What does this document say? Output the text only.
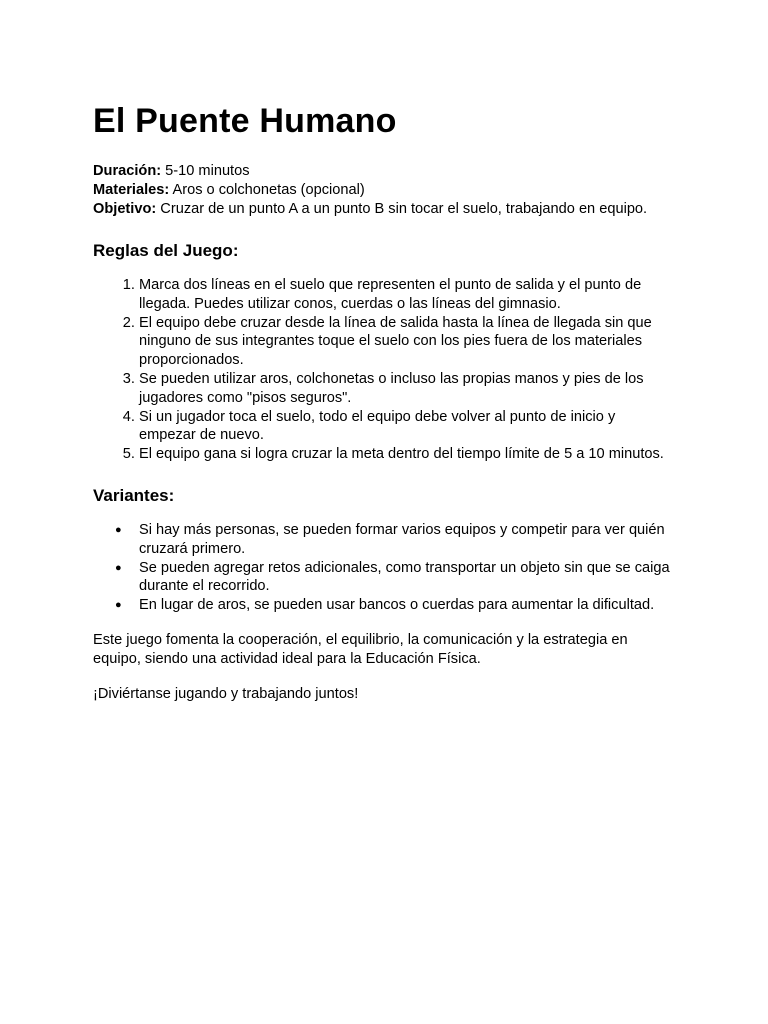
El Puente Humano

Duración: 5-10 minutos

Materiales: Aros o colchonetas (opcional)

Objetivo: Cruzar de un punto A a un punto B sin tocar el suelo, trabajando en equipo.

Reglas del Juego:
1. Marca dos líneas en el suelo que representen el punto de salida y el punto de llegada. Puedes utilizar conos, cuerdas o las líneas del gimnasio.
2. El equipo debe cruzar desde la línea de salida hasta la línea de llegada sin que ninguno de sus integrantes toque el suelo con los pies fuera de los materiales proporcionados.
3. Se pueden utilizar aros, colchonetas o incluso las propias manos y pies de los jugadores como "pisos seguros".
4. Si un jugador toca el suelo, todo el equipo debe volver al punto de inicio y empezar de nuevo.
5. El equipo gana si logra cruzar la meta dentro del tiempo límite de 5 a 10 minutos.
Variantes:
● Si hay más personas, se pueden formar varios equipos y competir para ver quién cruzará primero.
● Se pueden agregar retos adicionales, como transportar un objeto sin que se caiga durante el recorrido.
● En lugar de aros, se pueden usar bancos o cuerdas para aumentar la dificultad.

Este juego fomenta la cooperación, el equilibrio, la comunicación y la estrategia en equipo, siendo una actividad ideal para la Educación Física.

¡Diviértanse jugando y trabajando juntos!
